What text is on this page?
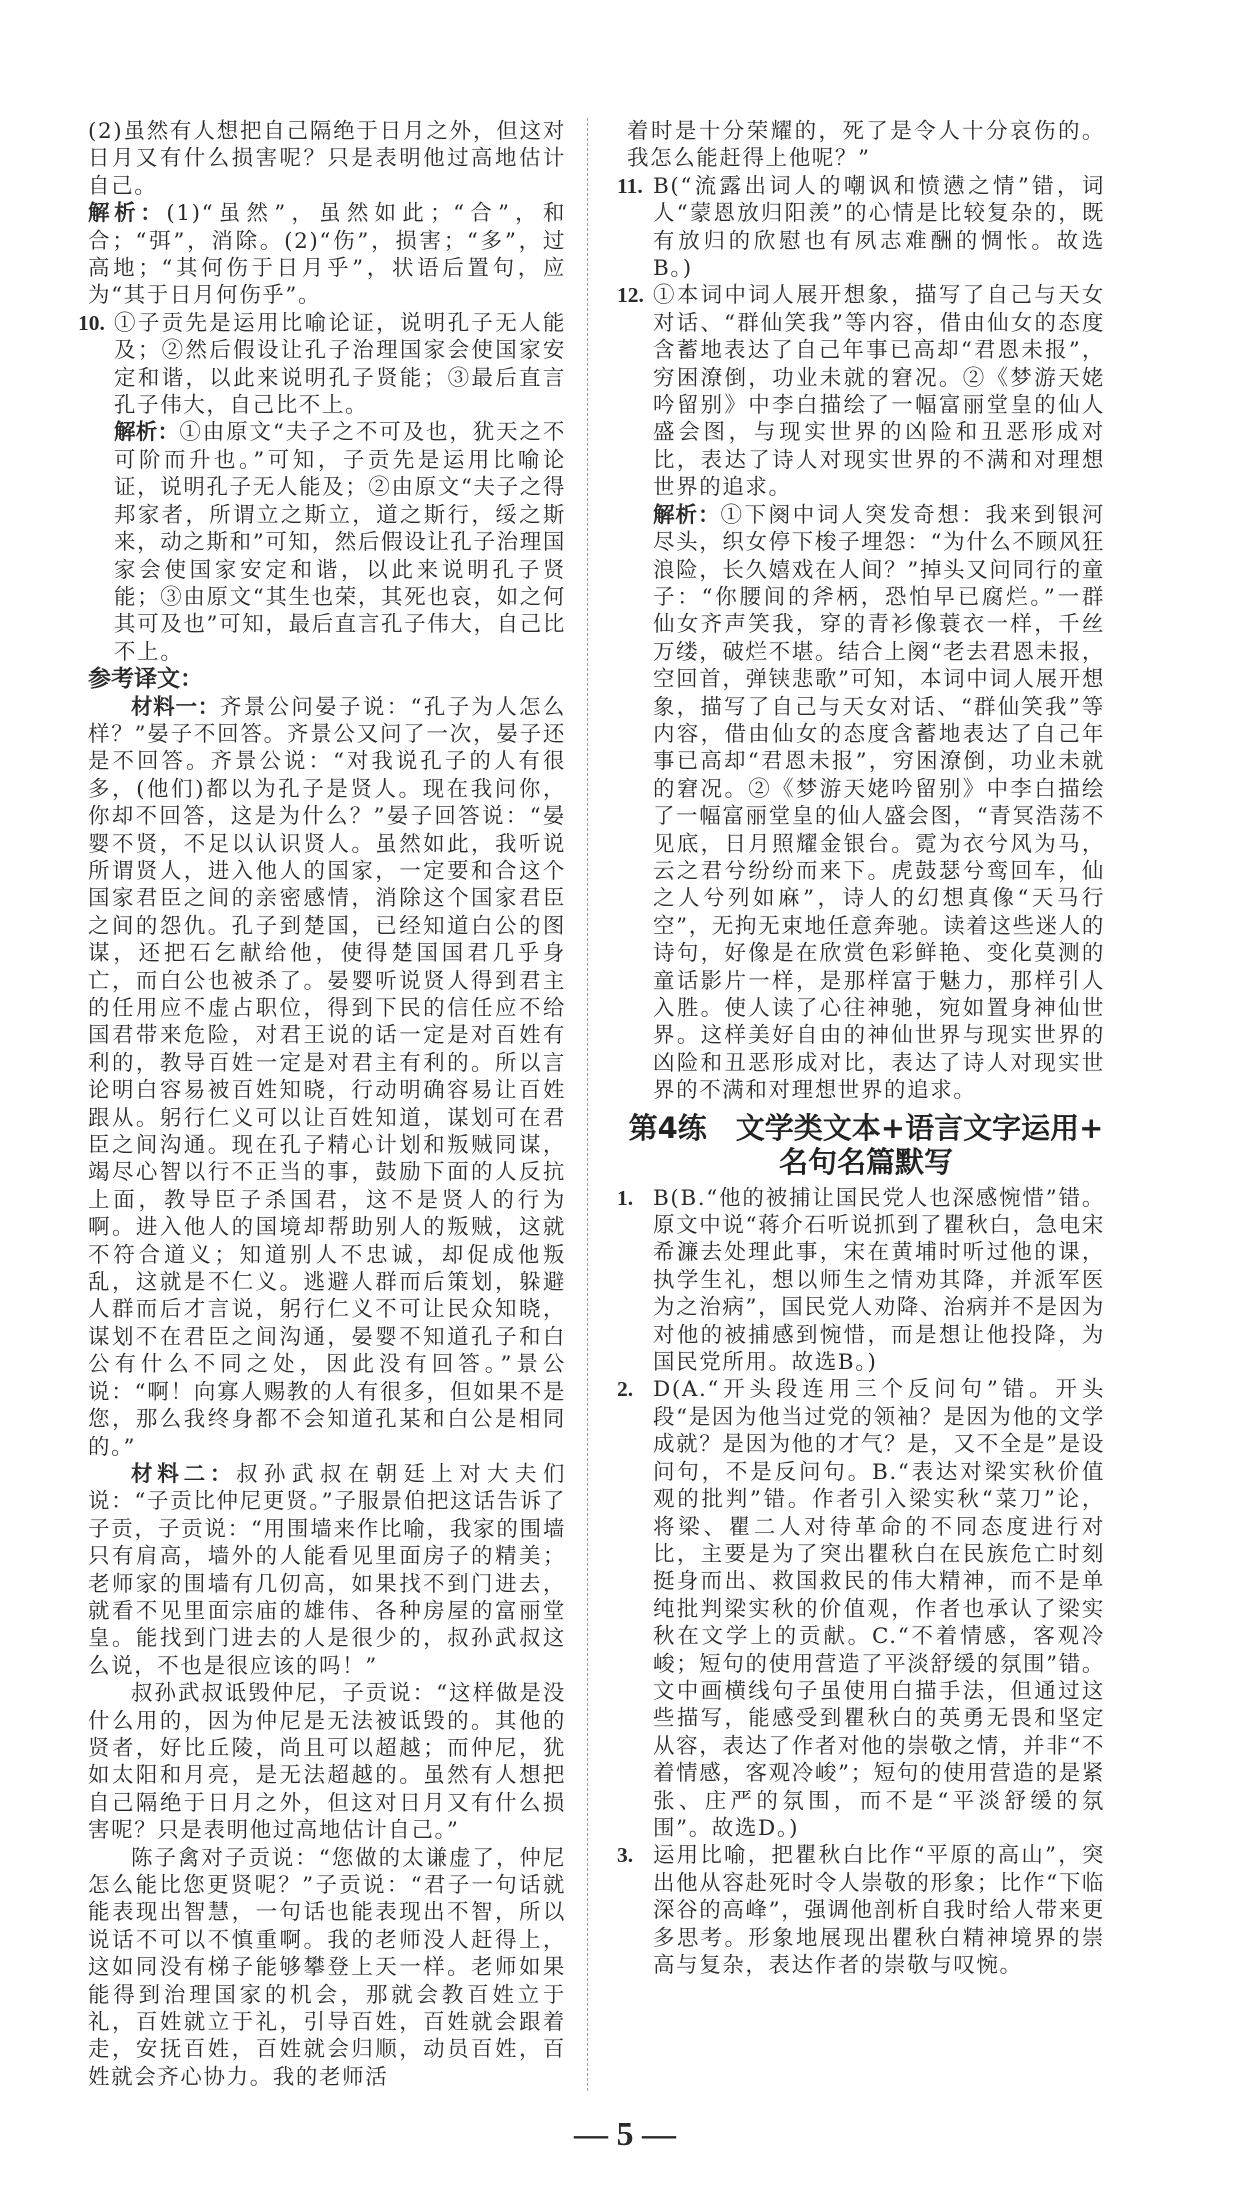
(2)虽然有人想把自己隔绝于日月之外，但这对日月又有什么损害呢？只是表明他过高地估计自己。

解析：(1)“虽然”，虽然如此；“合”，和合；“弭”，消除。(2)“伤”，损害；“多”，过高地；“其何伤于日月乎”，状语后置句，应为“其于日月何伤乎”。

10. ①子贡先是运用比喻论证，说明孔子无人能及；②然后假设让孔子治理国家会使国家安定和谐，以此来说明孔子贤能；③最后直言孔子伟大，自己比不上。

解析：①由原文“夫子之不可及也，犹天之不可阶而升也。”可知，子贡先是运用比喻论证，说明孔子无人能及；②由原文“夫子之得邦家者，所谓立之斯立，道之斯行，绥之斯来，动之斯和”可知，然后假设让孔子治理国家会使国家安定和谐，以此来说明孔子贤能；③由原文“其生也荣，其死也哀，如之何其可及也”可知，最后直言孔子伟大，自己比不上。

参考译文：

材料一：齐景公问晏子说：“孔子为人怎么样？”晏子不回答。齐景公又问了一次，晏子还是不回答。齐景公说：“对我说孔子的人有很多，(他们)都以为孔子是贤人。现在我问你，你却不回答，这是为什么？”晏子回答说：“晏婴不贤，不足以认识贤人。虽然如此，我听说所谓贤人，进入他人的国家，一定要和合这个国家君臣之间的亲密感情，消除这个国家君臣之间的怨仇。孔子到楚国，已经知道白公的图谋，还把石乞献给他，使得楚国国君几乎身亡，而白公也被杀了。晏婴听说贤人得到君主的任用应不虚占职位，得到下民的信任应不给国君带来危险，对君王说的话一定是对百姓有利的，教导百姓一定是对君主有利的。所以言论明白容易被百姓知晓，行动明确容易让百姓跟从。躬行仁义可以让百姓知道，谋划可在君臣之间沟通。现在孔子精心计划和叛贼同谋，竭尽心智以行不正当的事，鼓励下面的人反抗上面，教导臣子杀国君，这不是贤人的行为啊。进入他人的国境却帮助别人的叛贼，这就不符合道义；知道别人不忠诚，却促成他叛乱，这就是不仁义。逃避人群而后策划，躲避人群而后才言说，躬行仁义不可让民众知晓，谋划不在君臣之间沟通，晏婴不知道孔子和白公有什么不同之处，因此没有回答。”景公说：“啊！向寡人赐教的人有很多，但如果不是您，那么我终身都不会知道孔某和白公是相同的。”

材料二：叔孙武叔在朝廷上对大夫们说：“子贡比仲尼更贤。”子服景伯把这话告诉了子贡，子贡说：“用围墙来作比喻，我家的围墙只有肩高，墙外的人能看见里面房子的精美；老师家的围墙有几仞高，如果找不到门进去，就看不见里面宗庙的雄伟、各种房屋的富丽堂皇。能找到门进去的人是很少的，叔孙武叔这么说，不也是很应该的吗！”

叔孙武叔诋毁仲尼，子贡说：“这样做是没什么用的，因为仲尼是无法被诋毁的。其他的贤者，好比丘陵，尚且可以超越；而仲尼，犹如太阳和月亮，是无法超越的。虽然有人想把自己隔绝于日月之外，但这对日月又有什么损害呢？只是表明他过高地估计自己。”

陈子禽对子贡说：“您做的太谦虚了，仲尼怎么能比您更贤呢？”子贡说：“君子一句话就能表现出智慧，一句话也能表现出不智，所以说话不可以不慎重啊。我的老师没人赶得上，这如同没有梯子能够攀登上天一样。老师如果能得到治理国家的机会，那就会教百姓立于礼，百姓就立于礼，引导百姓，百姓就会跟着走，安抚百姓，百姓就会归顺，动员百姓，百姓就会齐心协力。我的老师活

着时是十分荣耀的，死了是令人十分哀伤的。我怎么能赶得上他呢？”

11. B(“流露出词人的嘲讽和愤懑之情”错，词人“蒙恩放归阳羡”的心情是比较复杂的，既有放归的欣慰也有夙志难酬的惆怅。故选B。)

12. ①本词中词人展开想象，描写了自己与天女对话、“群仙笑我”等内容，借由仙女的态度含蓄地表达了自己年事已高却“君恩未报”，穷困潦倒，功业未就的窘况。②《梦游天姥吟留别》中李白描绘了一幅富丽堂皇的仙人盛会图，与现实世界的凶险和丑恶形成对比，表达了诗人对现实世界的不满和对理想世界的追求。

解析：①下阕中词人突发奇想：我来到银河尽头，织女停下梭子埋怨：“为什么不顾风狂浪险，长久嬉戏在人间？”掉头又问同行的童子：“你腰间的斧柄，恐怕早已腐烂。”一群仙女齐声笑我，穿的青衫像蓑衣一样，千丝万缕，破烂不堪。结合上阕“老去君恩未报，空回首，弹铗悲歌”可知，本词中词人展开想象，描写了自己与天女对话、“群仙笑我”等内容，借由仙女的态度含蓄地表达了自己年事已高却“君恩未报”，穷困潦倒，功业未就的窘况。②《梦游天姥吟留别》中李白描绘了一幅富丽堂皇的仙人盛会图，“青冥浩荡不见底，日月照耀金银台。霓为衣兮风为马，云之君兮纷纷而来下。虎鼓瑟兮鸾回车，仙之人兮列如麻”，诗人的幻想真像“天马行空”，无拘无束地任意奔驰。读着这些迷人的诗句，好像是在欣赏色彩鲜艳、变化莫测的童话影片一样，是那样富于魅力，那样引人入胜。使人读了心往神驰，宛如置身神仙世界。这样美好自由的神仙世界与现实世界的凶险和丑恶形成对比，表达了诗人对现实世界的不满和对理想世界的追求。

第4练　文学类文本+语言文字运用+
名句名篇默写

1. B(B.“他的被捕让国民党人也深感惋惜”错。原文中说“蒋介石听说抓到了瞿秋白，急电宋希濂去处理此事，宋在黄埔时听过他的课，执学生礼，想以师生之情劝其降，并派军医为之治病”，国民党人劝降、治病并不是因为对他的被捕感到惋惜，而是想让他投降，为国民党所用。故选B。)

2. D(A.“开头段连用三个反问句”错。开头段“是因为他当过党的领袖？是因为他的文学成就？是因为他的才气？是，又不全是”是设问句，不是反问句。B.“表达对梁实秋价值观的批判”错。作者引入梁实秋“菜刀”论，将梁、瞿二人对待革命的不同态度进行对比，主要是为了突出瞿秋白在民族危亡时刻挺身而出、救国救民的伟大精神，而不是单纯批判梁实秋的价值观，作者也承认了梁实秋在文学上的贡献。C.“不着情感，客观冷峻；短句的使用营造了平淡舒缓的氛围”错。文中画横线句子虽使用白描手法，但通过这些描写，能感受到瞿秋白的英勇无畏和坚定从容，表达了作者对他的崇敬之情，并非“不着情感，客观冷峻”；短句的使用营造的是紧张、庄严的氛围，而不是“平淡舒缓的氛围”。故选D。)

3. 运用比喻，把瞿秋白比作“平原的高山”，突出他从容赴死时令人崇敬的形象；比作“下临深谷的高峰”，强调他剖析自我时给人带来更多思考。形象地展现出瞿秋白精神境界的崇高与复杂，表达作者的崇敬与叹惋。

— 5 —
